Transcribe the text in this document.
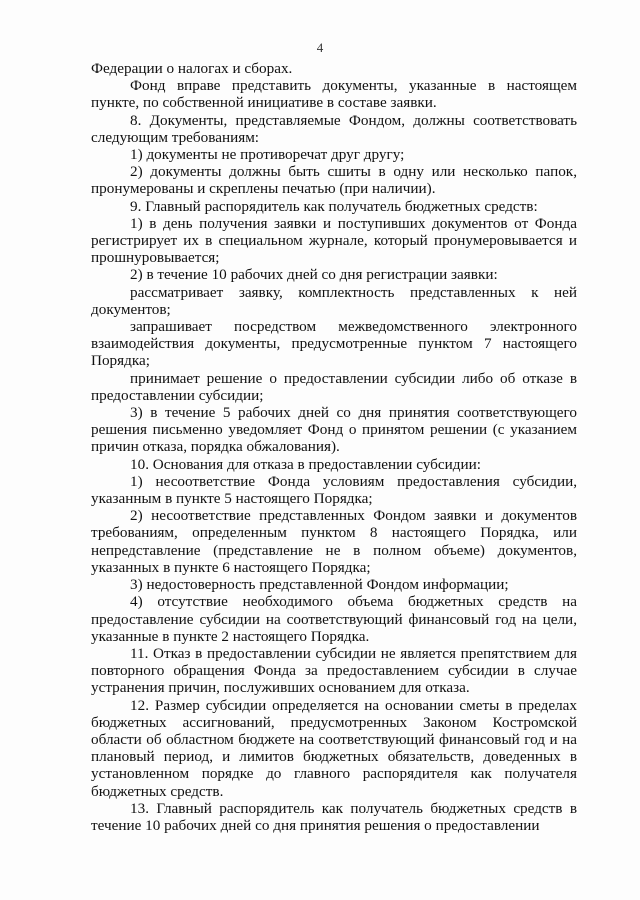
4

Федерации о налогах и сборах.

Фонд вправе представить документы, указанные в настоящем пункте, по собственной инициативе в составе заявки.

8. Документы, представляемые Фондом, должны соответствовать следующим требованиям:

1) документы не противоречат друг другу;

2) документы должны быть сшиты в одну или несколько папок, пронумерованы и скреплены печатью (при наличии).

9. Главный распорядитель как получатель бюджетных средств:

1) в день получения заявки и поступивших документов от Фонда регистрирует их в специальном журнале, который пронумеровывается и прошнуровывается;

2) в течение 10 рабочих дней со дня регистрации заявки:

рассматривает заявку, комплектность представленных к ней документов;

запрашивает посредством межведомственного электронного взаимодействия документы, предусмотренные пунктом 7 настоящего Порядка;

принимает решение о предоставлении субсидии либо об отказе в предоставлении субсидии;

3) в течение 5 рабочих дней со дня принятия соответствующего решения письменно уведомляет Фонд о принятом решении (с указанием причин отказа, порядка обжалования).

10. Основания для отказа в предоставлении субсидии:

1) несоответствие Фонда условиям предоставления субсидии, указанным в пункте 5 настоящего Порядка;

2) несоответствие представленных Фондом заявки и документов требованиям, определенным пунктом 8 настоящего Порядка, или непредставление (представление не в полном объеме) документов, указанных в пункте 6 настоящего Порядка;

3) недостоверность представленной Фондом информации;

4) отсутствие необходимого объема бюджетных средств на предоставление субсидии на соответствующий финансовый год на цели, указанные в пункте 2 настоящего Порядка.

11. Отказ в предоставлении субсидии не является препятствием для повторного обращения Фонда за предоставлением субсидии в случае устранения причин, послуживших основанием для отказа.

12. Размер субсидии определяется на основании сметы в пределах бюджетных ассигнований, предусмотренных Законом Костромской области об областном бюджете на соответствующий финансовый год и на плановый период, и лимитов бюджетных обязательств, доведенных в установленном порядке до главного распорядителя как получателя бюджетных средств.

13. Главный распорядитель как получатель бюджетных средств в течение 10 рабочих дней со дня принятия решения о предоставлении
